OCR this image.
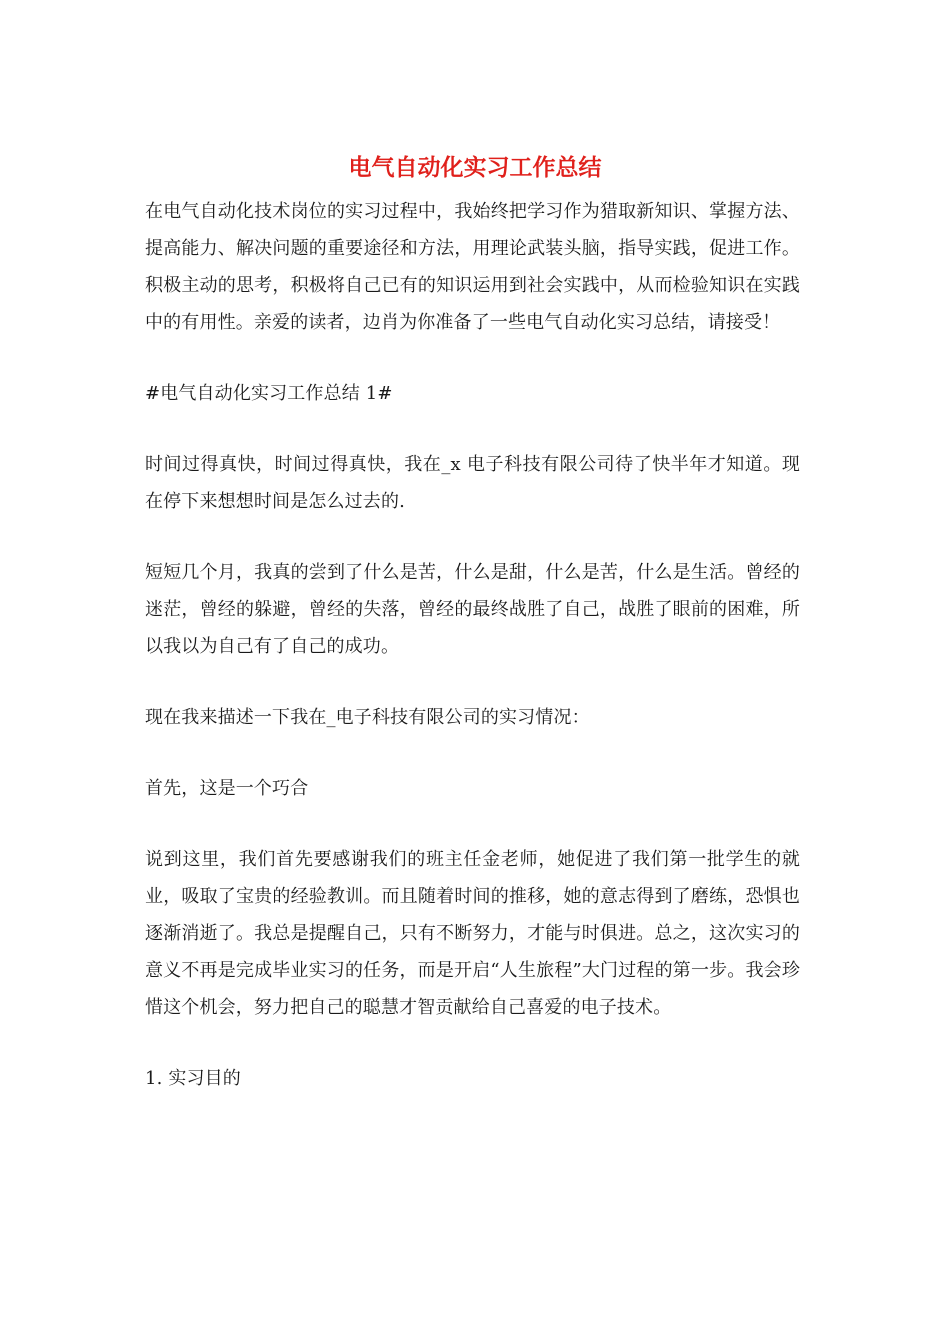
电气自动化实习工作总结

在电气自动化技术岗位的实习过程中，我始终把学习作为猎取新知识、掌握方法、提高能力、解决问题的重要途径和方法，用理论武装头脑，指导实践，促进工作。积极主动的思考，积极将自己已有的知识运用到社会实践中，从而检验知识在实践中的有用性。亲爱的读者，边肖为你准备了一些电气自动化实习总结，请接受！

#电气自动化实习工作总结 1#

时间过得真快，时间过得真快，我在_x 电子科技有限公司待了快半年才知道。现在停下来想想时间是怎么过去的.

短短几个月，我真的尝到了什么是苦，什么是甜，什么是苦，什么是生活。曾经的迷茫，曾经的躲避，曾经的失落，曾经的最终战胜了自己，战胜了眼前的困难，所以我以为自己有了自己的成功。

现在我来描述一下我在_电子科技有限公司的实习情况：

首先，这是一个巧合

说到这里，我们首先要感谢我们的班主任金老师，她促进了我们第一批学生的就业，吸取了宝贵的经验教训。而且随着时间的推移，她的意志得到了磨练，恐惧也逐渐消逝了。我总是提醒自己，只有不断努力，才能与时俱进。总之，这次实习的意义不再是完成毕业实习的任务，而是开启“人生旅程”大门过程的第一步。我会珍惜这个机会，努力把自己的聪慧才智贡献给自己喜爱的电子技术。

1. 实习目的
